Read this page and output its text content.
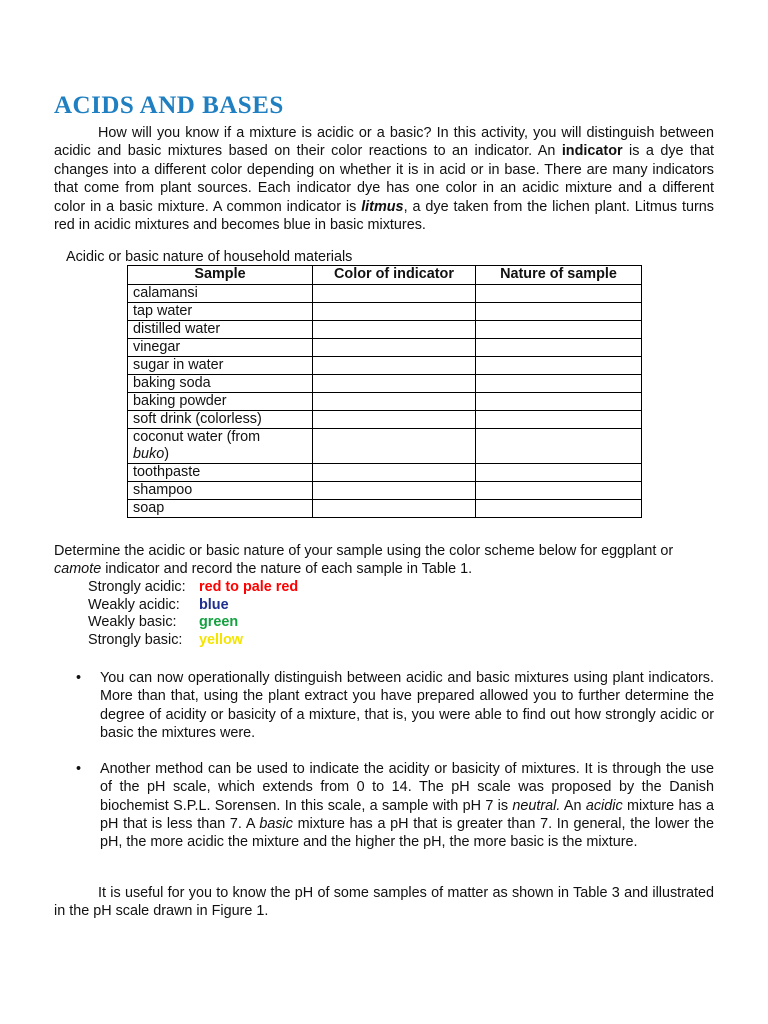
ACIDS AND BASES

How will you know if a mixture is acidic or a basic? In this activity, you will distinguish between acidic and basic mixtures based on their color reactions to an indicator. An indicator is a dye that changes into a different color depending on whether it is in acid or in base. There are many indicators that come from plant sources. Each indicator dye has one color in an acidic mixture and a different color in a basic mixture. A common indicator is litmus, a dye taken from the lichen plant. Litmus turns red in acidic mixtures and becomes blue in basic mixtures.

Acidic or basic nature of household materials
Sample	Color of indicator	Nature of sample
calamansi		
tap water		
distilled water		
vinegar		
sugar in water		
baking soda		
baking powder		
soft drink (colorless)		
coconut water (from
buko)		
toothpaste		
shampoo		
soap		

Determine the acidic or basic nature of your sample using the color scheme below for eggplant or camote indicator and record the nature of each sample in Table 1.

Strongly acidic: red to pale red
Weakly acidic:	blue
Weakly basic:	green
Strongly basic:	yellow
• You can now operationally distinguish between acidic and basic mixtures using plant indicators. More than that, using the plant extract you have prepared allowed you to further determine the degree of acidity or basicity of a mixture, that is, you were able to find out how strongly acidic or basic the mixtures were.

• Another method can be used to indicate the acidity or basicity of mixtures. It is through the use of the pH scale, which extends from 0 to 14. The pH scale was proposed by the Danish biochemist S.P.L. Sorensen. In this scale, a sample with pH 7 is neutral. An acidic mixture has a pH that is less than 7. A basic mixture has a pH that is greater than 7. In general, the lower the pH, the more acidic the mixture and the higher the pH, the more basic is the mixture.

It is useful for you to know the pH of some samples of matter as shown in Table 3 and illustrated in the pH scale drawn in Figure 1.
